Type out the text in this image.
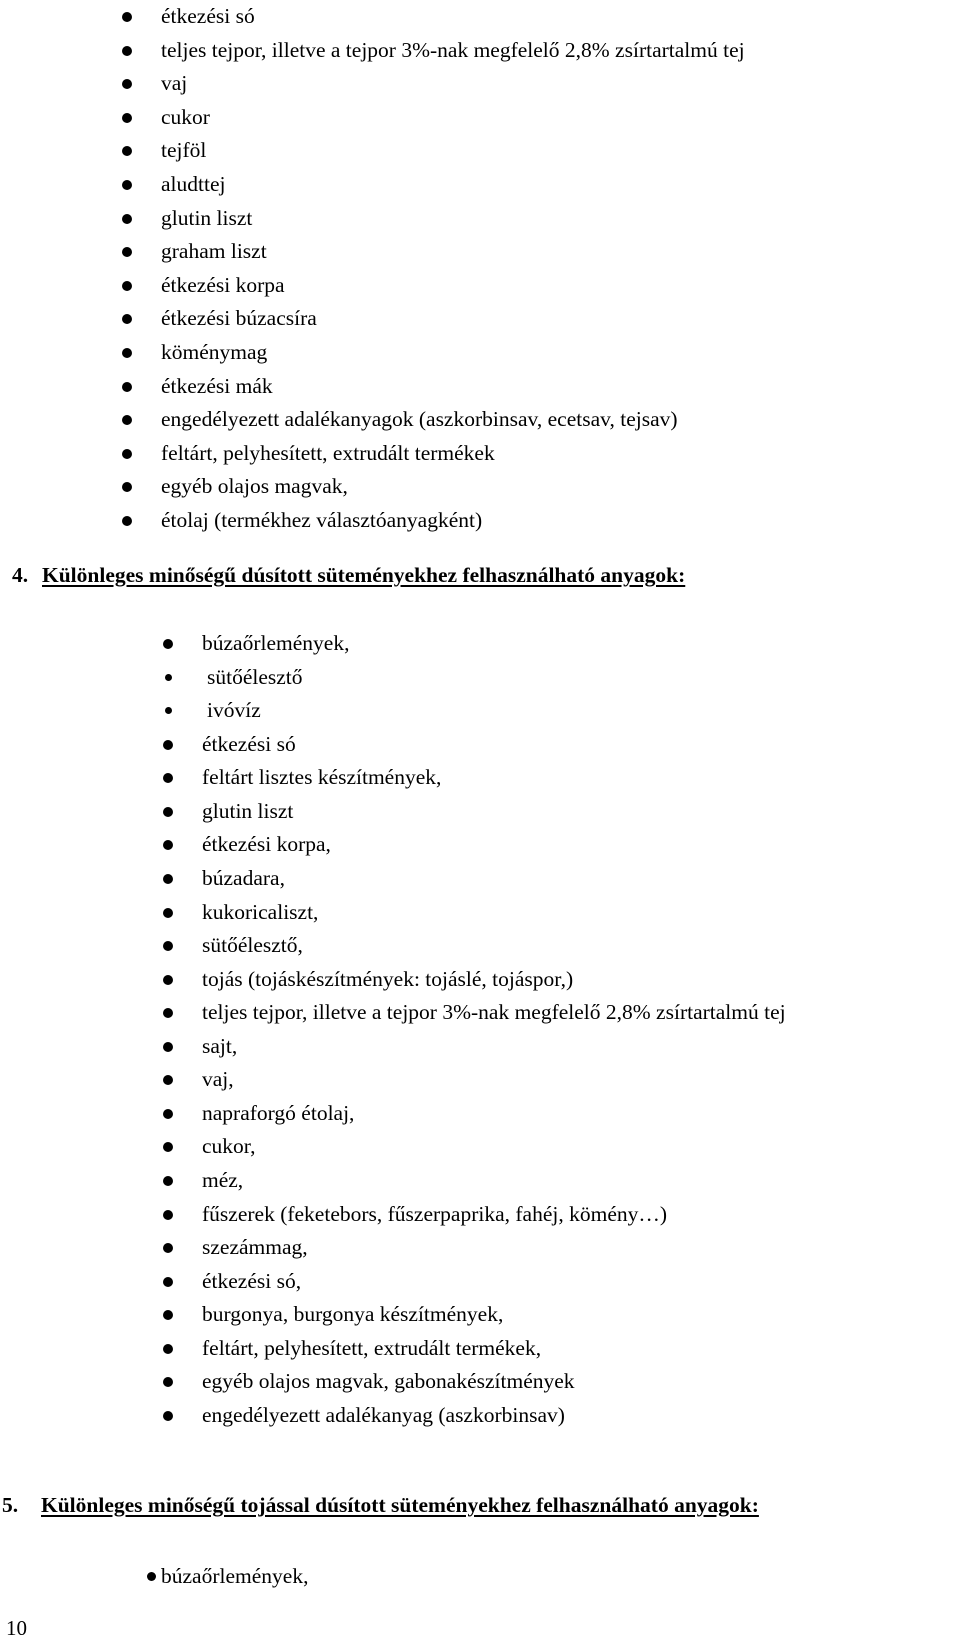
étkezési só
teljes tejpor, illetve a tejpor 3%-nak megfelelő 2,8% zsírtartalmú tej
vaj
cukor
tejföl
aludttej
glutin liszt
graham liszt
étkezési korpa
étkezési búzacsíra
köménymag
étkezési mák
engedélyezett adalékanyagok (aszkorbinsav, ecetsav, tejsav)
feltárt, pelyhesített, extrudált termékek
egyéb olajos magvak,
étolaj (termékhez választóanyagként)
4. Különleges minőségű dúsított süteményekhez felhasználható anyagok:
búzaőrlemények,
sütőélesztő
ivóvíz
étkezési só
feltárt lisztes készítmények,
glutin liszt
étkezési korpa,
búzadara,
kukoricaliszt,
sütőélesztő,
tojás (tojáskészítmények: tojáslé, tojáspor,)
teljes tejpor, illetve a tejpor 3%-nak megfelelő 2,8% zsírtartalmú tej
sajt,
vaj,
napraforgó étolaj,
cukor,
méz,
fűszerek (feketebors, fűszerpaprika, fahéj, kömény…)
szezámmag,
étkezési só,
burgonya, burgonya készítmények,
feltárt, pelyhesített, extrudált termékek,
egyéb olajos magvak, gabonakészítmények
engedélyezett adalékanyag (aszkorbinsav)
5. Különleges minőségű tojással dúsított süteményekhez felhasználható anyagok:
búzaőrlemények,
10
